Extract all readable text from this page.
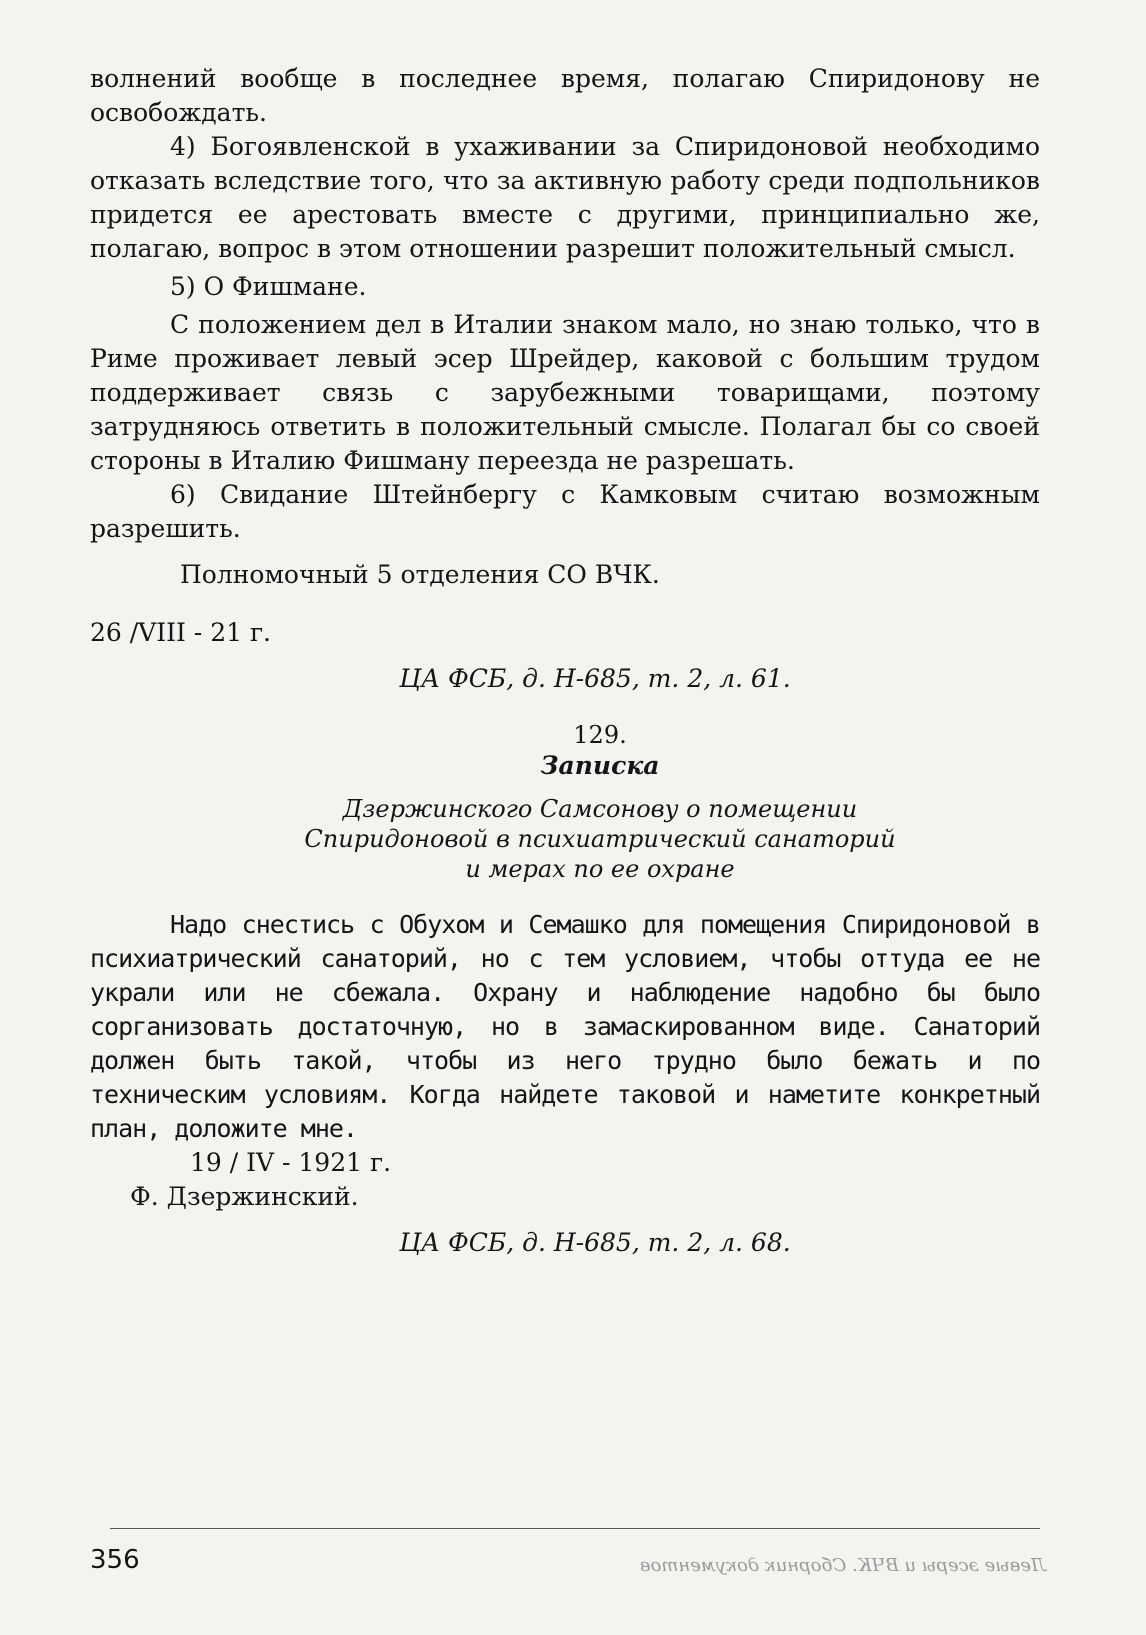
волнений вообще в последнее время, полагаю Спиридонову не освобождать.

4) Богоявленской в ухаживании за Спиридоновой необходимо отказать вследствие того, что за активную работу среди подпольников придется ее арестовать вместе с другими, принципиально же, полагаю, вопрос в этом отношении разрешит положительный смысл.

5) О Фишмане.

С положением дел в Италии знаком мало, но знаю только, что в Риме проживает левый эсер Шрейдер, каковой с большим трудом поддерживает связь с зарубежными товарищами, поэтому затрудняюсь ответить в положительный смысле. Полагал бы со своей стороны в Италию Фишману переезда не разрешать.

6) Свидание Штейнбергу с Камковым считаю возможным разрешить.

Полномочный 5 отделения СО ВЧК.

26 /VIII - 21 г.

ЦА ФСБ, д. Н-685, т. 2, л. 61.

129.

Записка

Дзержинского Самсонову о помещении

Спиридоновой в психиатрический санаторий

и мерах по ее охране

Надо снестись с Обухом и Семашко для помещения Спиридоновой в психиатрический санаторий, но с тем условием, чтобы оттуда ее не украли или не сбежала. Охрану и наблюдение надобно бы было сорганизовать достаточную, но в замаскированном виде. Санаторий должен быть такой, чтобы из него трудно было бежать и по техническим условиям. Когда найдете таковой и наметите конкретный план, доложите мне.

19 / IV - 1921 г.

Ф. Дзержинский.

ЦА ФСБ, д. Н-685, т. 2, л. 68.

356	Левые эсеры и ВЧК. Сборник документов
